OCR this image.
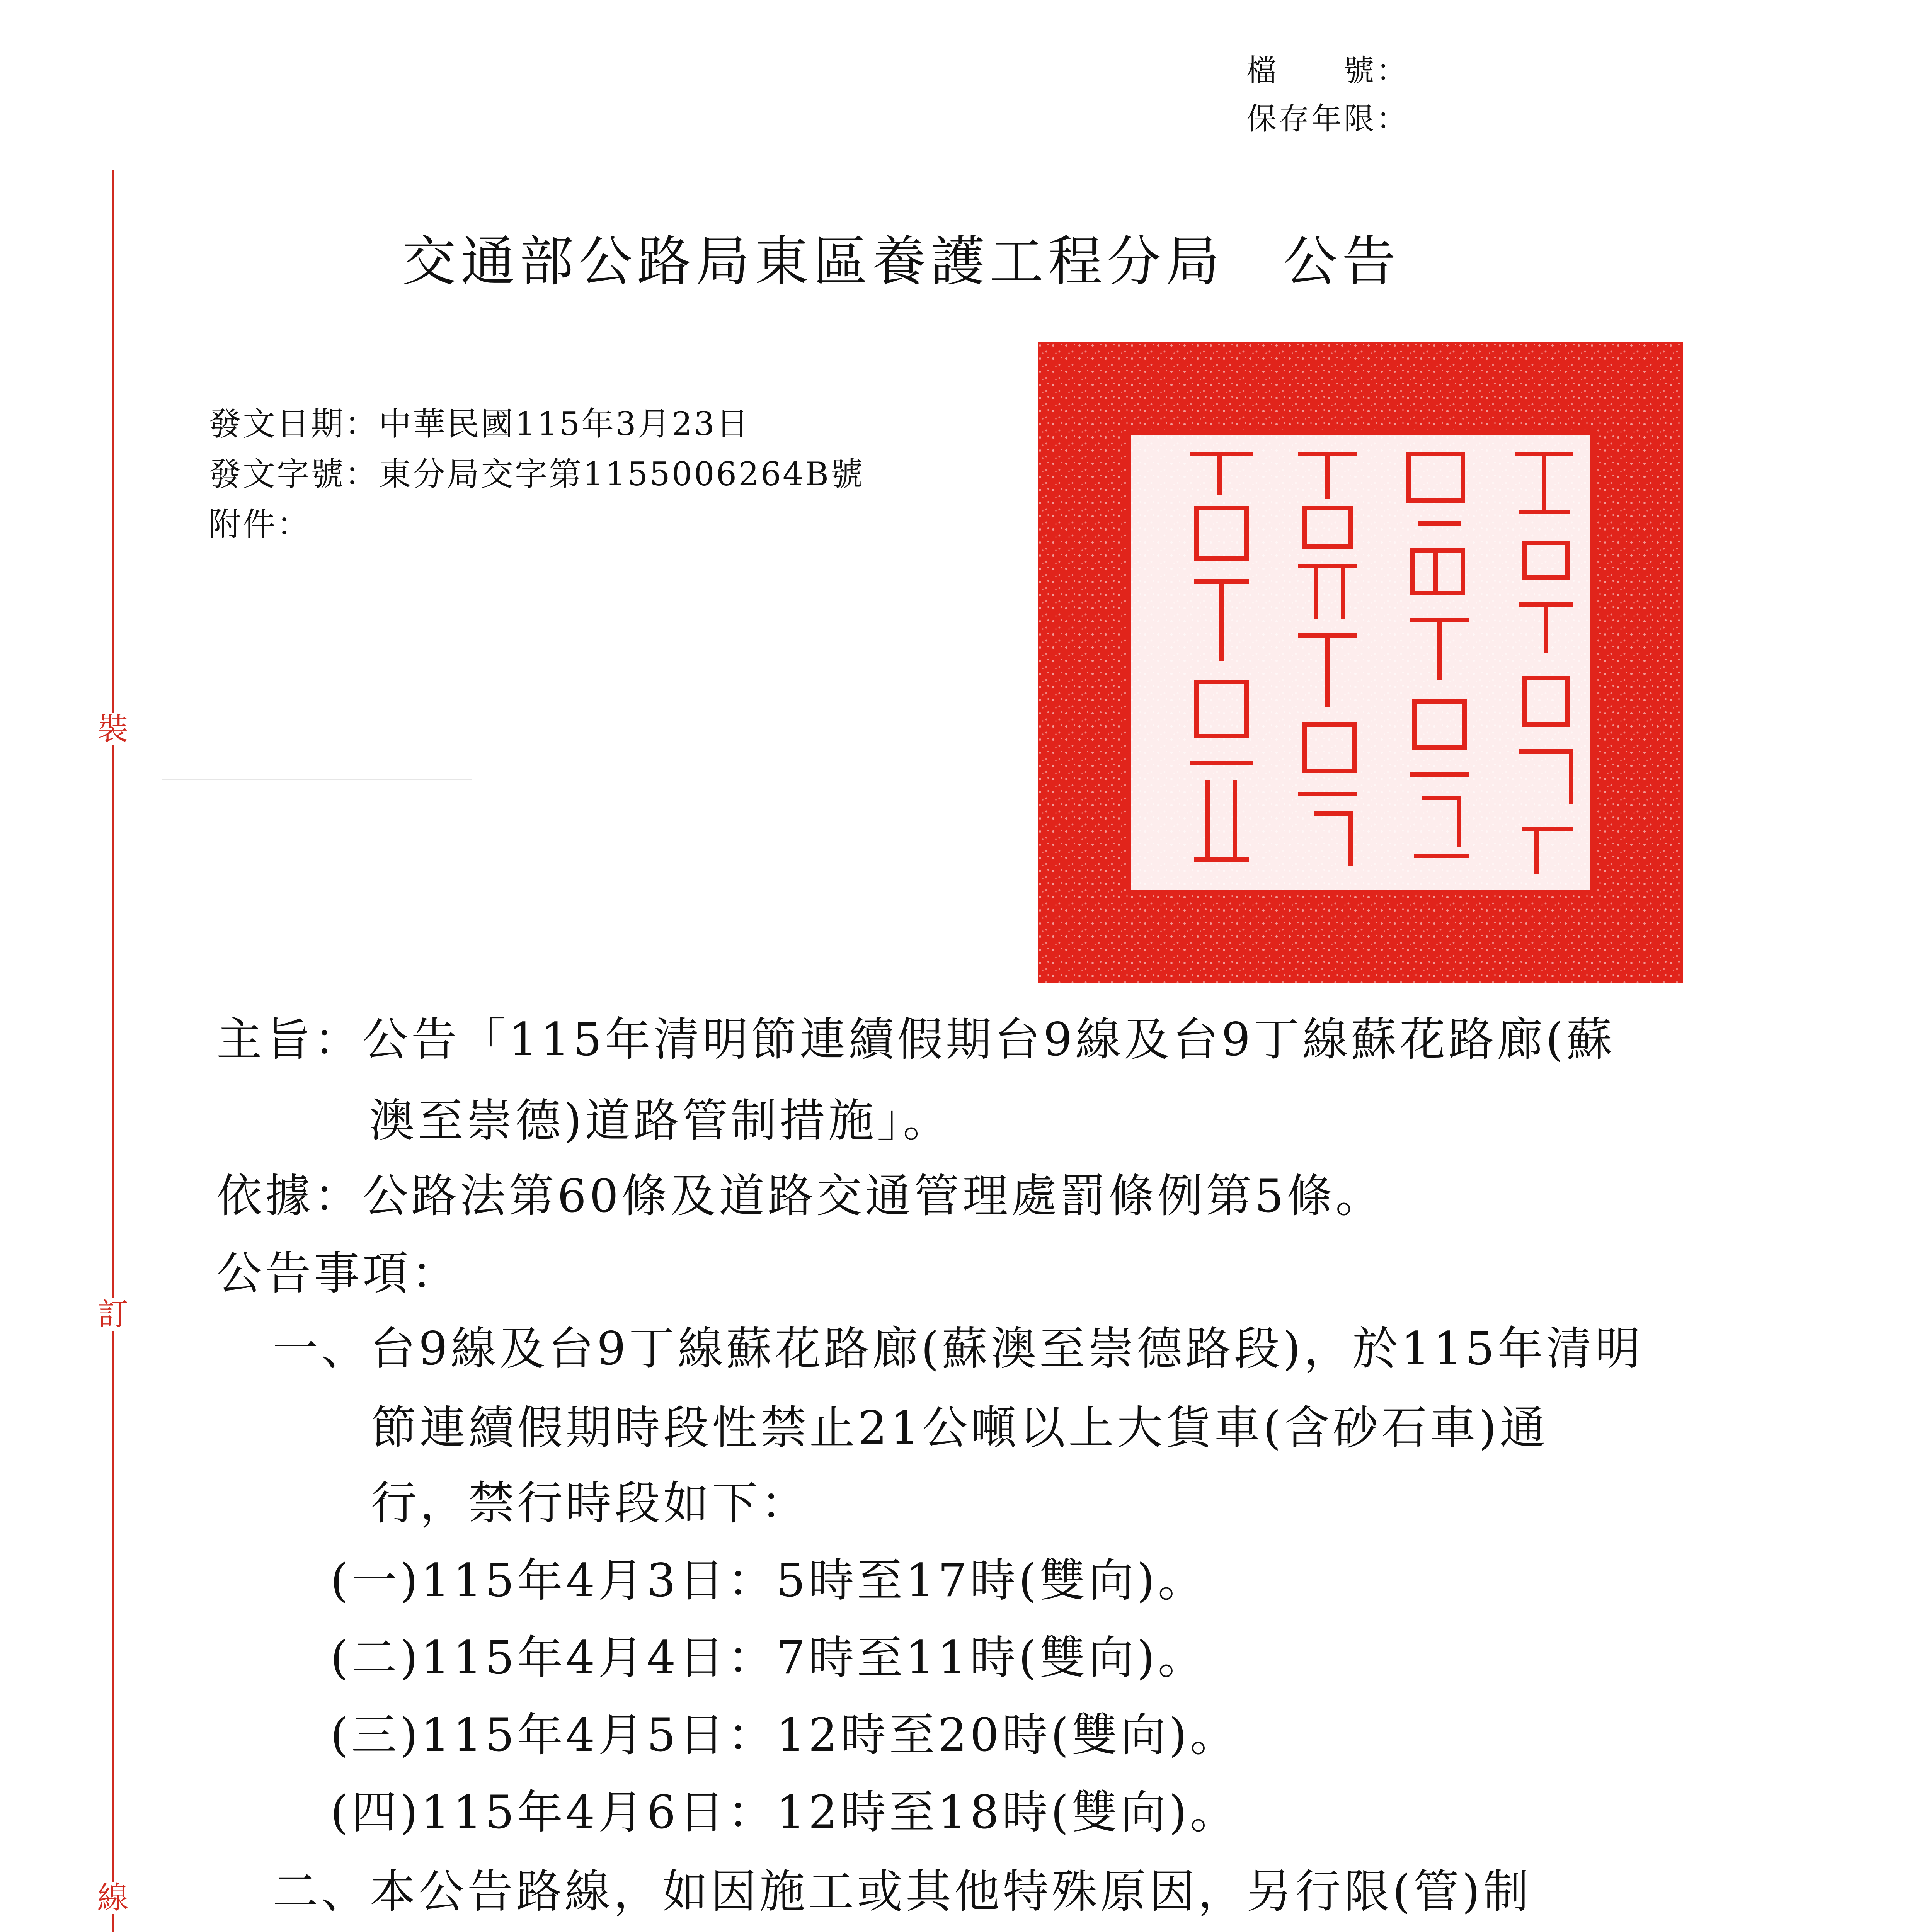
檔　　號：
保存年限：
裝
訂
線
交通部公路局東區養護工程分局　公告
發文日期：中華民國115年3月23日
發文字號：東分局交字第1155006264B號
附件：
主旨：公告「115年清明節連續假期台9線及台9丁線蘇花路廊(蘇
澳至崇德)道路管制措施」。
依據：公路法第60條及道路交通管理處罰條例第5條。
公告事項：
一、台9線及台9丁線蘇花路廊(蘇澳至崇德路段)，於115年清明
節連續假期時段性禁止21公噸以上大貨車(含砂石車)通
行，禁行時段如下：
(一)115年4月3日：5時至17時(雙向)。
(二)115年4月4日：7時至11時(雙向)。
(三)115年4月5日：12時至20時(雙向)。
(四)115年4月6日：12時至18時(雙向)。
二、本公告路線，如因施工或其他特殊原因，另行限(管)制
